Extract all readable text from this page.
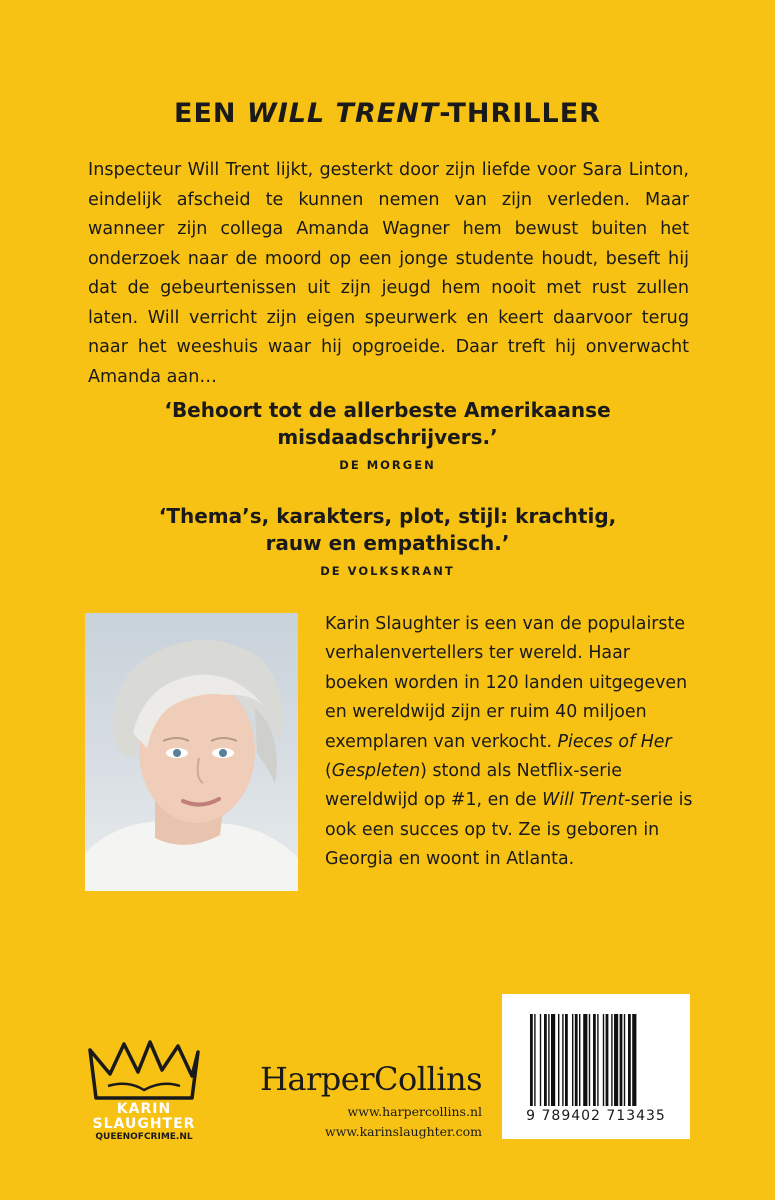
EEN WILL TRENT-THRILLER
Inspecteur Will Trent lijkt, gesterkt door zijn liefde voor Sara Linton, eindelijk afscheid te kunnen nemen van zijn verleden. Maar wanneer zijn collega Amanda Wagner hem bewust buiten het onderzoek naar de moord op een jonge studente houdt, beseft hij dat de gebeurtenissen uit zijn jeugd hem nooit met rust zullen laten. Will verricht zijn eigen speurwerk en keert daarvoor terug naar het weeshuis waar hij opgroeide. Daar treft hij onverwacht Amanda aan…
‘Behoort tot de allerbeste Amerikaanse
misdaadschrijvers.’
DE MORGEN
‘Thema’s, karakters, plot, stijl: krachtig,
rauw en empathisch.’
DE VOLKSKRANT
Karin Slaughter is een van de populairste verhalenvertellers ter wereld. Haar boeken worden in 120 landen uitgegeven en wereldwijd zijn er ruim 40 miljoen exemplaren van verkocht. Pieces of Her (Gespleten) stond als Netflix-serie wereldwijd op #1, en de Will Trent-serie is ook een succes op tv. Ze is geboren in Georgia en woont in Atlanta.
KARIN
SLAUGHTER
QUEENOFCRIME.NL
HarperCollins
www.harpercollins.nl
www.karinslaughter.com
9 789402 713435
